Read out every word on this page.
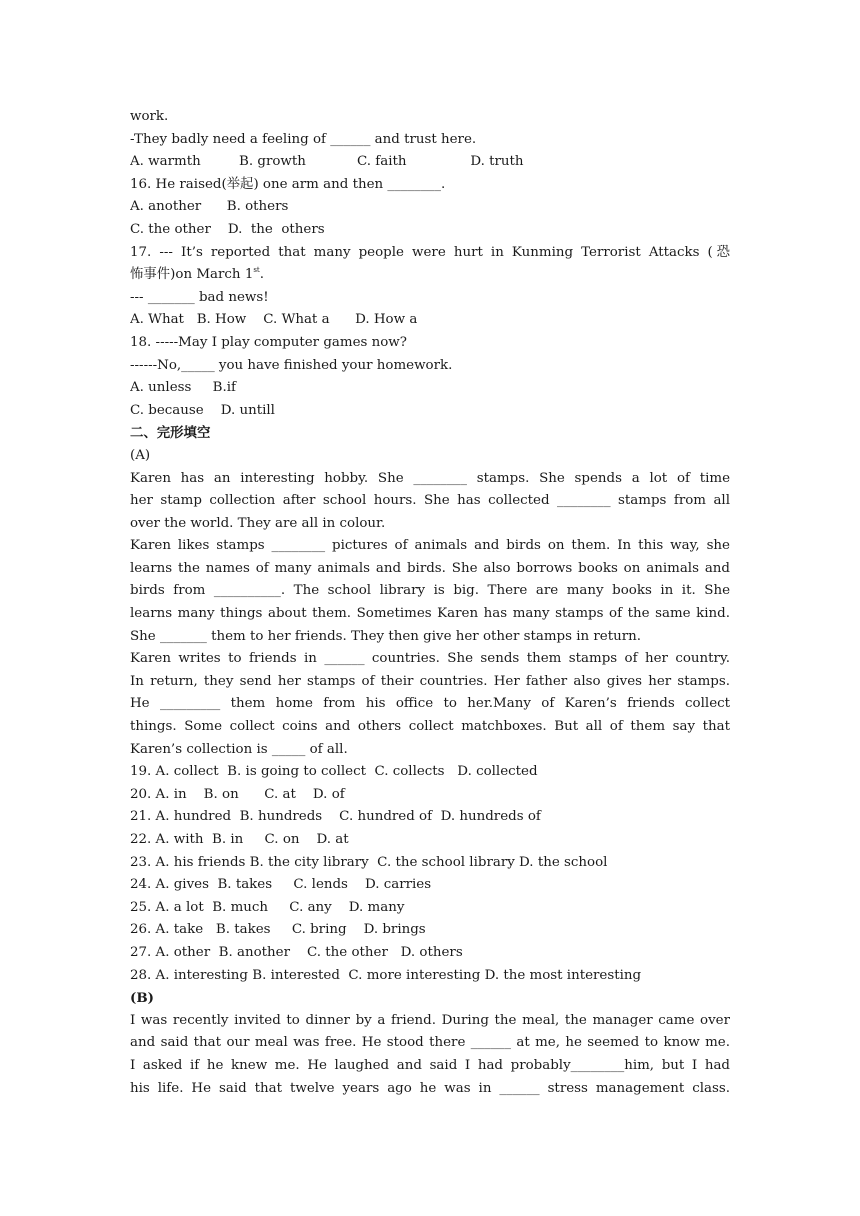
work.
-They badly need a feeling of ______ and trust here.
A. warmth         B. growth            C. faith               D. truth
16. He raised(举起) one arm and then ________.
A. another      B. others
C. the other    D.  the  others
17. --- It’s reported that many people were hurt in Kunming Terrorist Attacks (恐
怖事件)on March 1st.
--- _______ bad news!
A. What   B. How    C. What a      D. How a
18. -----May I play computer games now?
------No,_____ you have finished your homework.
A. unless     B.if
C. because    D. untill
二、完形填空
(A)
Karen has an interesting hobby. She ________ stamps. She spends a lot of time
her stamp collection after school hours. She has collected ________ stamps from all
over the world. They are all in colour.
Karen likes stamps ________ pictures of animals and birds on them. In this way, she
learns the names of many animals and birds. She also borrows books on animals and
birds from __________. The school library is big. There are many books in it. She
learns many things about them. Sometimes Karen has many stamps of the same kind.
She _______ them to her friends. They then give her other stamps in return.
Karen writes to friends in ______ countries. She sends them stamps of her country.
In return, they send her stamps of their countries. Her father also gives her stamps.
He _________ them home from his office to her.Many of Karen’s friends collect
things. Some collect coins and others collect matchboxes. But all of them say that
Karen’s collection is _____ of all.
19. A. collect  B. is going to collect  C. collects   D. collected
20. A. in    B. on      C. at    D. of
21. A. hundred  B. hundreds    C. hundred of  D. hundreds of
22. A. with  B. in     C. on    D. at
23. A. his friends B. the city library  C. the school library D. the school
24. A. gives  B. takes     C. lends    D. carries
25. A. a lot  B. much     C. any    D. many
26. A. take   B. takes     C. bring    D. brings
27. A. other  B. another    C. the other   D. others
28. A. interesting B. interested  C. more interesting D. the most interesting
(B)
I was recently invited to dinner by a friend. During the meal, the manager came over
and said that our meal was free. He stood there ______ at me, he seemed to know me.
I asked if he knew me. He laughed and said I had probably________him, but I had
his life. He said that twelve years ago he was in ______ stress management class.
